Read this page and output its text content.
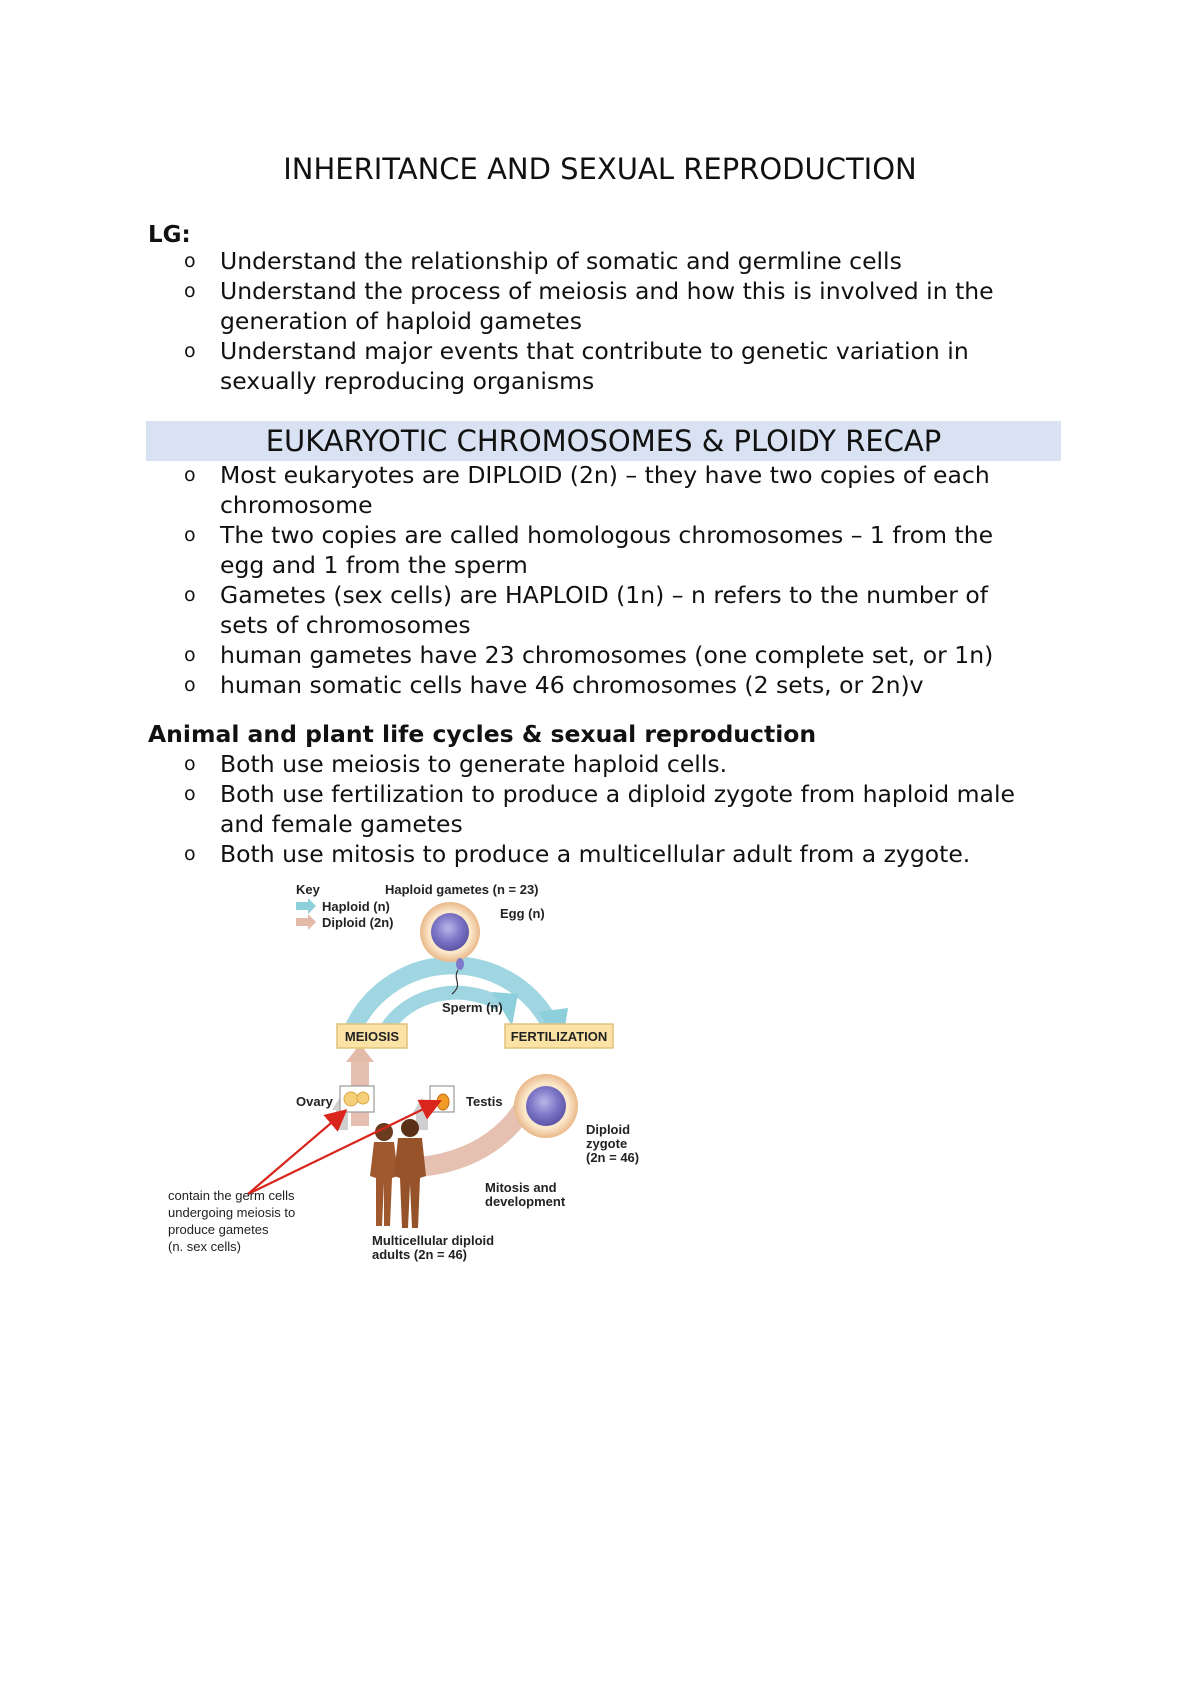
INHERITANCE AND SEXUAL REPRODUCTION
LG:
o Understand the relationship of somatic and germline cells
o Understand the process of meiosis and how this is involved in the
generation of haploid gametes
o Understand major events that contribute to genetic variation in
sexually reproducing organisms
EUKARYOTIC CHROMOSOMES & PLOIDY RECAP
o Most eukaryotes are DIPLOID (2n) – they have two copies of each
chromosome
o The two copies are called homologous chromosomes – 1 from the
egg and 1 from the sperm
o Gametes (sex cells) are HAPLOID (1n) – n refers to the number of
sets of chromosomes
o human gametes have 23 chromosomes (one complete set, or 1n)
o human somatic cells have 46 chromosomes (2 sets, or 2n)v
Animal and plant life cycles & sexual reproduction
o Both use meiosis to generate haploid cells.
o Both use fertilization to produce a diploid zygote from haploid male
and female gametes
o Both use mitosis to produce a multicellular adult from a zygote.
Key
Haploid (n)
Diploid (2n)
Haploid gametes (n = 23)
Egg (n)
Sperm (n)
MEIOSIS	FERTILIZATION
Ovary	Testis
Diploid
zygote
(2n = 46)
Mitosis and
development
Multicellular diploid
adults (2n = 46)
contain the germ cells
undergoing meiosis to
produce gametes
(n. sex cells)
